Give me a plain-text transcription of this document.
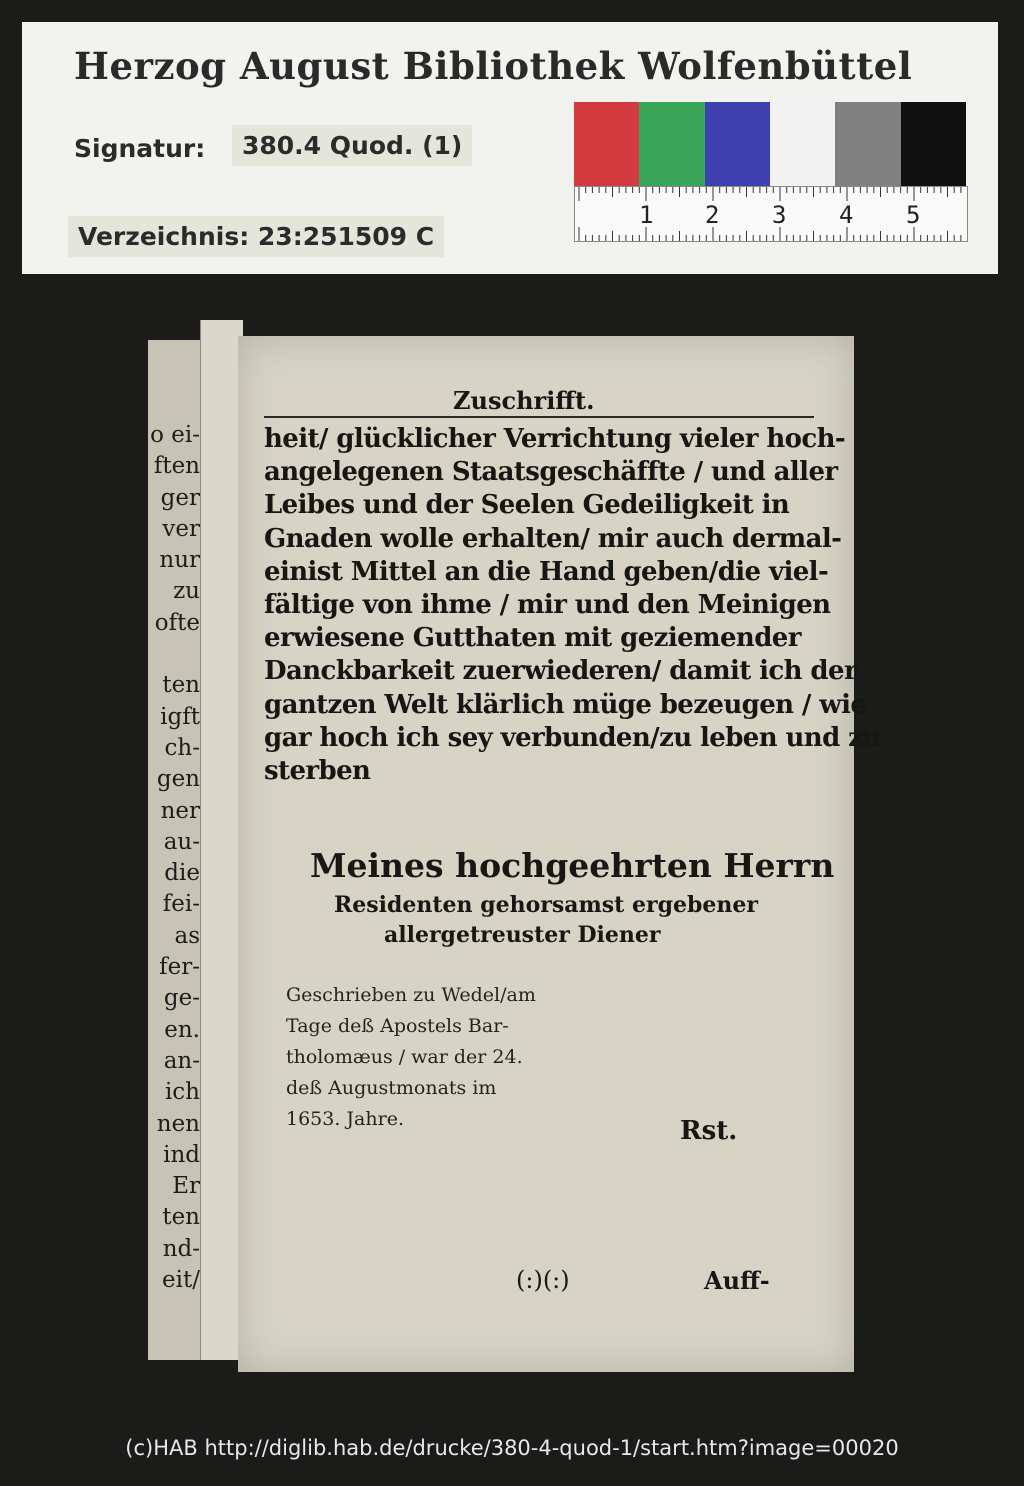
Herzog August Bibliothek Wolfenbüttel
Signatur:	380.4 Quod. (1)
Verzeichnis: 23:251509 C
1 2 3 4 5
o ei-
ften
ger
ver
nur
zu
ofte
ten
igft
ch-
gen
ner
au-
die
fei-
as
fer-
ge-
en.
an-
ich
nen
ind
Er
ten
nd-
eit/
Zuschrifft.
heit/ glücklicher Verrichtung vieler hoch-
angelegenen Staatsgeschäffte / und aller
Leibes und der Seelen Gedeiligkeit in
Gnaden wolle erhalten/ mir auch dermal-
einist Mittel an die Hand geben/die viel-
fältige von ihme / mir und den Meinigen
erwiesene Gutthaten mit geziemender
Danckbarkeit zuerwiederen/ damit ich der
gantzen Welt klärlich müge bezeugen / wie
gar hoch ich sey verbunden/zu leben und zu
sterben
Meines hochgeehrten Herrn
Residenten gehorsamst ergebener
allergetreuster Diener
Geschrieben zu Wedel/am
Tage deß Apostels Bar-
tholomæus / war der 24.
deß Augustmonats im
1653. Jahre.	Rst.
(:)(:)	Auff-
(c)HAB http://diglib.hab.de/drucke/380-4-quod-1/start.htm?image=00020
